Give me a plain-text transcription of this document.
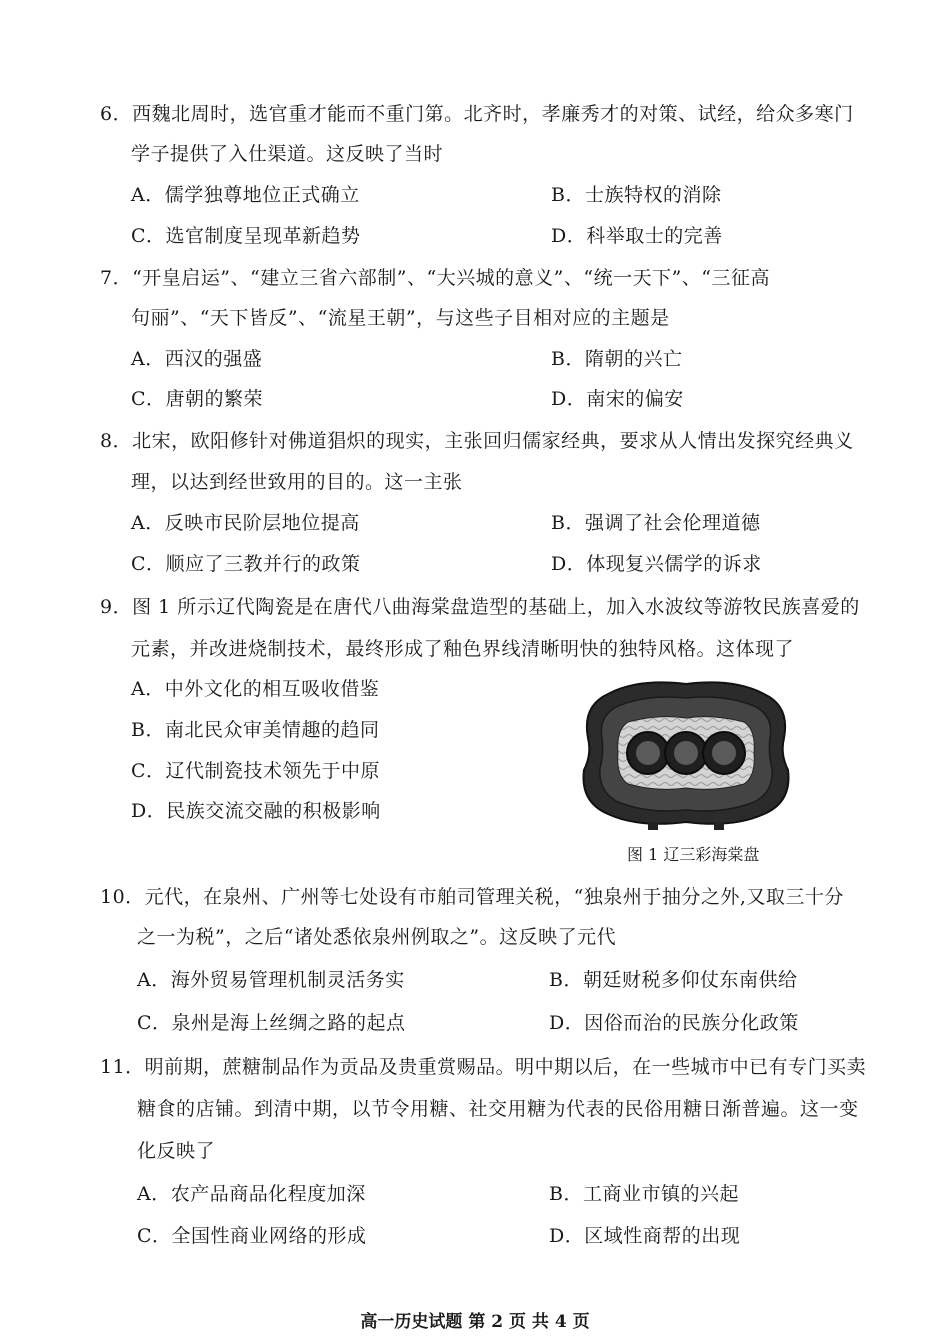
6．西魏北周时，选官重才能而不重门第。北齐时，孝廉秀才的对策、试经，给众多寒门
学子提供了入仕渠道。这反映了当时
A．儒学独尊地位正式确立	B．士族特权的消除
C．选官制度呈现革新趋势	D．科举取士的完善
7．“开皇启运”、“建立三省六部制”、“大兴城的意义”、“统一天下”、“三征高
句丽”、“天下皆反”、“流星王朝”，与这些子目相对应的主题是
A．西汉的强盛	B．隋朝的兴亡
C．唐朝的繁荣	D．南宋的偏安
8．北宋，欧阳修针对佛道猖炽的现实，主张回归儒家经典，要求从人情出发探究经典义
理，以达到经世致用的目的。这一主张
A．反映市民阶层地位提高	B．强调了社会伦理道德
C．顺应了三教并行的政策	D．体现复兴儒学的诉求
9．图 1 所示辽代陶瓷是在唐代八曲海棠盘造型的基础上，加入水波纹等游牧民族喜爱的
元素，并改进烧制技术，最终形成了釉色界线清晰明快的独特风格。这体现了
A．中外文化的相互吸收借鉴
B．南北民众审美情趣的趋同
C．辽代制瓷技术领先于中原
D．民族交流交融的积极影响
图 1 辽三彩海棠盘
10．元代，在泉州、广州等七处设有市舶司管理关税，“独泉州于抽分之外,又取三十分
之一为税”，之后“诸处悉依泉州例取之”。这反映了元代
A．海外贸易管理机制灵活务实	B．朝廷财税多仰仗东南供给
C．泉州是海上丝绸之路的起点	D．因俗而治的民族分化政策
11．明前期，蔗糖制品作为贡品及贵重赏赐品。明中期以后，在一些城市中已有专门买卖
糖食的店铺。到清中期，以节令用糖、社交用糖为代表的民俗用糖日渐普遍。这一变
化反映了
A．农产品商品化程度加深	B．工商业市镇的兴起
C．全国性商业网络的形成	D．区域性商帮的出现
高一历史试题 第 2 页 共 4 页
